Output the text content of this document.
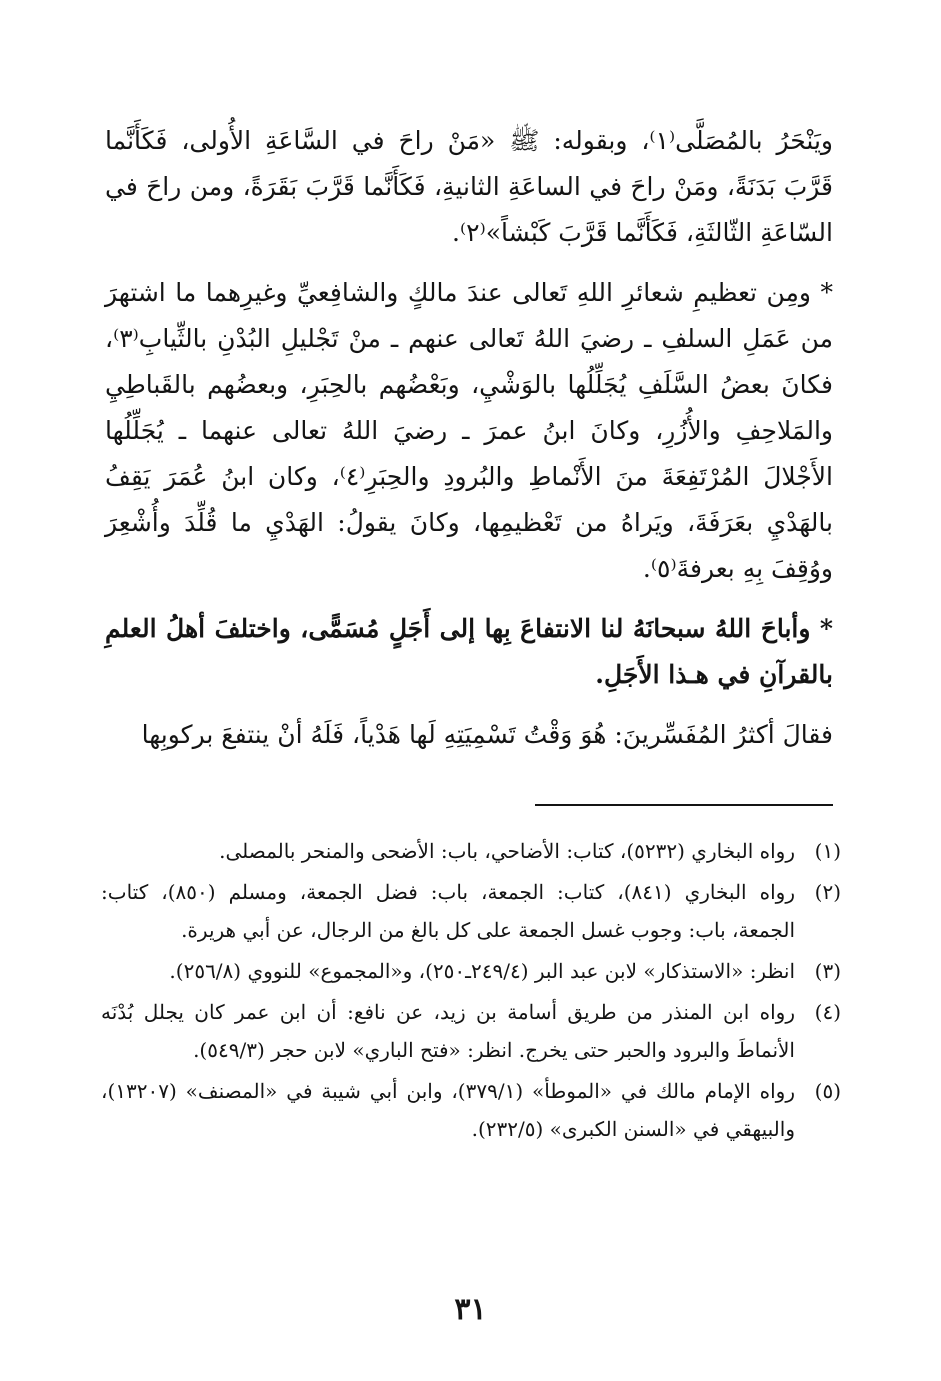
ويَنْحَرُ بالمُصَلَّى⁽١⁾، وبقوله: ﷺ «مَنْ راحَ في السَّاعَةِ الأُولى، فَكَأَنَّما قَرَّبَ بَدَنَةً، ومَنْ راحَ في الساعَةِ الثانيةِ، فَكَأَنَّما قَرَّبَ بَقَرَةً، ومن راحَ في السّاعَةِ الثّالثَةِ، فَكَأَنَّما قَرَّبَ كَبْشاً»⁽٢⁾.

* ومِن تعظيمِ شعائرِ اللهِ تَعالى عندَ مالكٍ والشافِعيِّ وغيرِهما ما اشتهرَ من عَمَلِ السلفِ ـ رضيَ اللهُ تَعالى عنهم ـ منْ تَجْليلِ البُدْنِ بالثِّيابِ⁽٣⁾، فكانَ بعضُ السَّلَفِ يُجَلِّلُها بالوَشْيِ، وبَعْضُهم بالحِبَرِ، وبعضُهم بالقَباطِيِ والمَلاحِفِ والأُزُرِ، وكانَ ابنُ عمرَ ـ رضيَ اللهُ تعالى عنهما ـ يُجَلِّلُها الأَجْلالَ المُرْتَفِعَةَ منَ الأَنْماطِ والبُرودِ والحِبَرِ⁽٤⁾، وكان ابنُ عُمَرَ يَقِفُ بالهَدْيِ بعَرَفَةَ، ويَراهُ من تَعْظيمِها، وكانَ يقولُ: الهَدْيِ ما قُلِّدَ وأُشْعِرَ ووُقِفَ بِهِ بعرفةَ⁽٥⁾.

* وأباحَ اللهُ سبحانَهُ لنا الانتفاعَ بِها إلى أَجَلٍ مُسَمًّى، واختلفَ أهلُ العلمِ بالقرآنِ في هـذا الأَجَلِ.

فقالَ أكثرُ المُفَسِّرينَ: هُوَ وَقْتُ تَسْمِيَتِهِ لَها هَدْياً، فَلَهُ أنْ ينتفعَ بركوبِها

(١)
رواه البخاري (٥٢٣٢)، كتاب: الأضاحي، باب: الأضحى والمنحر بالمصلى.
(٢)
رواه البخاري (٨٤١)، كتاب: الجمعة، باب: فضل الجمعة، ومسلم (٨٥٠)، كتاب: الجمعة، باب: وجوب غسل الجمعة على كل بالغ من الرجال، عن أبي هريرة.
(٣)
انظر: «الاستذكار» لابن عبد البر (٢٤٩/٤ـ٢٥٠)، و«المجموع» للنووي (٢٥٦/٨).
(٤)
رواه ابن المنذر من طريق أسامة بن زيد، عن نافع: أن ابن عمر كان يجلل بُدْنَه الأنماطَ والبرود والحبر حتى يخرج. انظر: «فتح الباري» لابن حجر (٥٤٩/٣).
(٥)
رواه الإمام مالك في «الموطأ» (٣٧٩/١)، وابن أبي شيبة في «المصنف» (١٣٢٠٧)، والبيهقي في «السنن الكبرى» (٢٣٢/٥).
٣١
